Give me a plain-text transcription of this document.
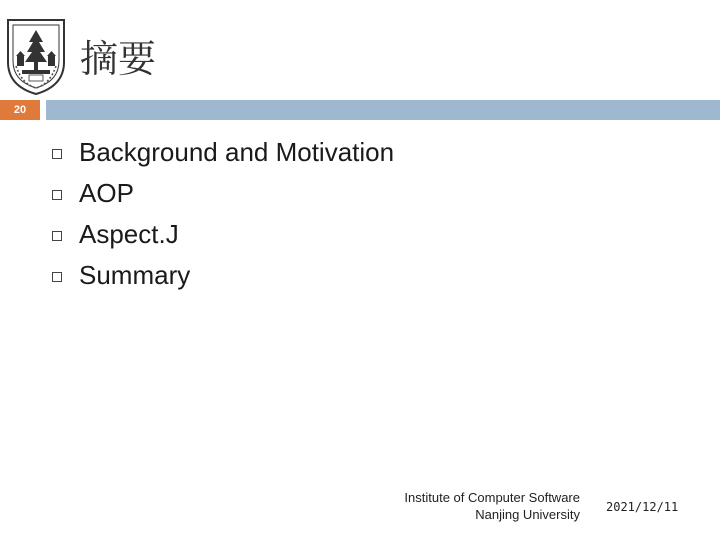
摘要
20
Background and Motivation
AOP
Aspect.J
Summary
Institute of Computer Software
Nanjing University 2021/12/11
